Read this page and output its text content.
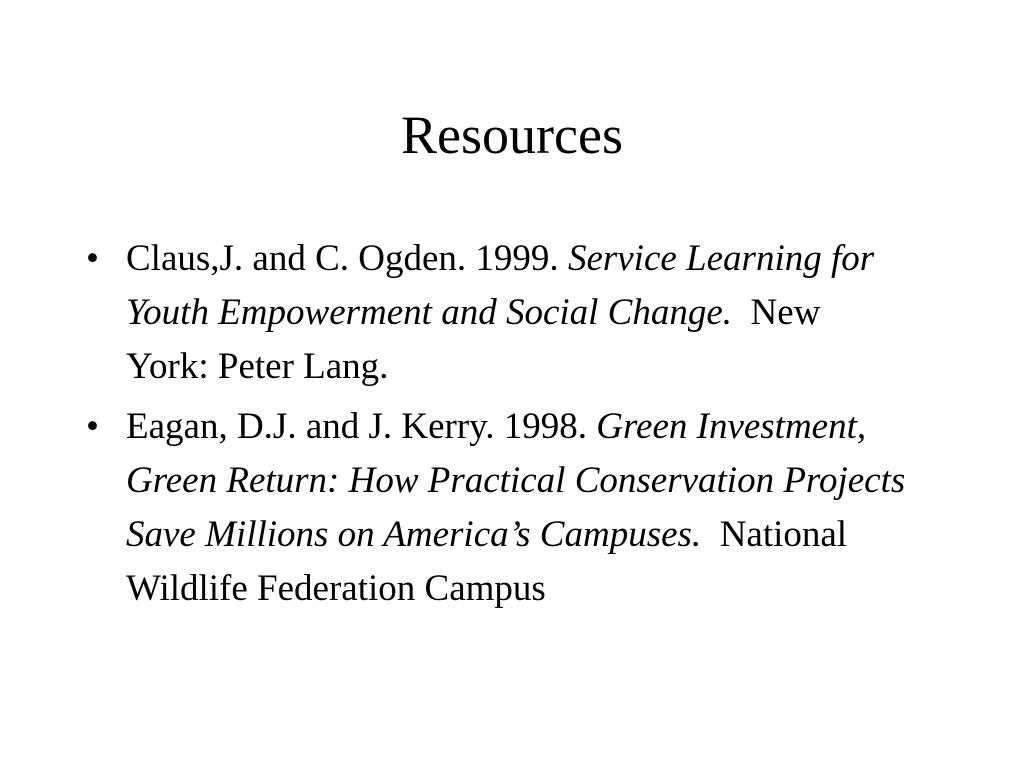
Resources
• Claus,J. and C. Ogden. 1999. Service Learning for Youth Empowerment and Social Change.  New York: Peter Lang.
• Eagan, D.J. and J. Kerry. 1998. Green Investment, Green Return: How Practical Conservation Projects Save Millions on America’s Campuses.  National Wildlife Federation Campus
